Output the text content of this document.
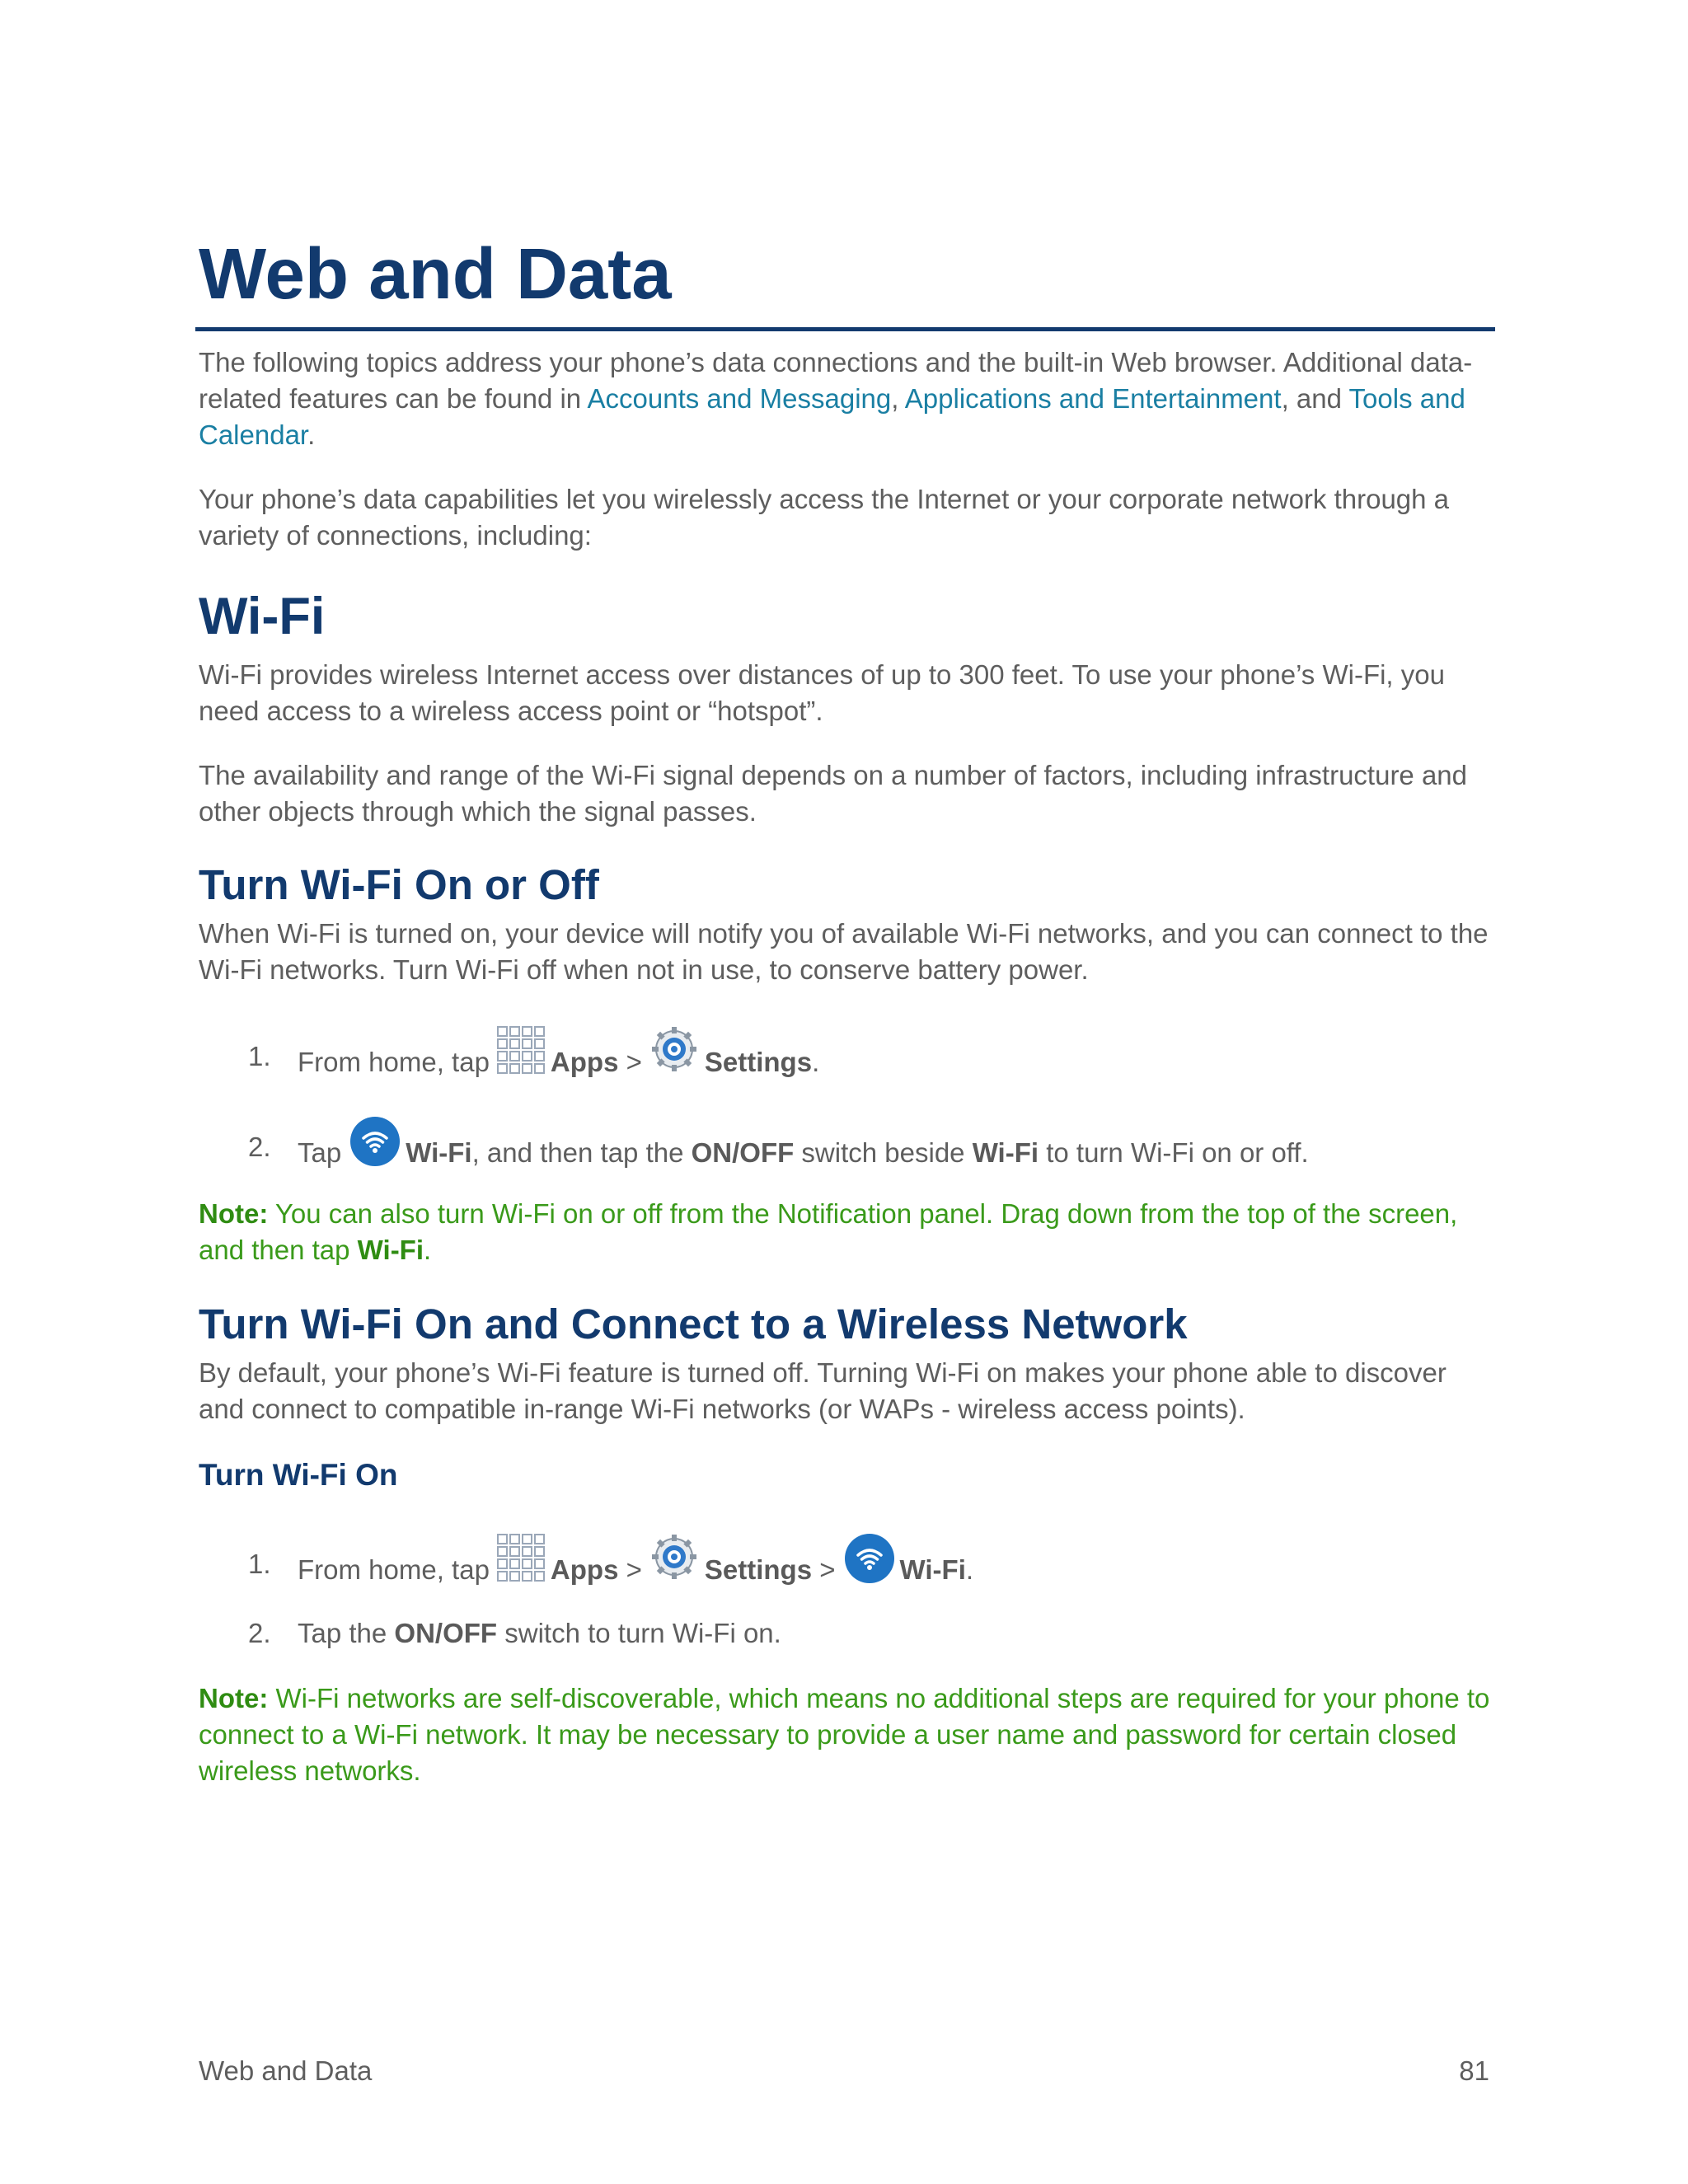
Web and Data

The following topics address your phone’s data connections and the built-in Web browser. Additional data-related features can be found in Accounts and Messaging, Applications and Entertainment, and Tools and Calendar.

Your phone’s data capabilities let you wirelessly access the Internet or your corporate network through a variety of connections, including:

Wi-Fi

Wi-Fi provides wireless Internet access over distances of up to 300 feet. To use your phone’s Wi-Fi, you need access to a wireless access point or “hotspot”.

The availability and range of the Wi-Fi signal depends on a number of factors, including infrastructure and other objects through which the signal passes.

Turn Wi-Fi On or Off

When Wi-Fi is turned on, your device will notify you of available Wi-Fi networks, and you can connect to the Wi-Fi networks. Turn Wi-Fi off when not in use, to conserve battery power.

1. From home, tap Apps > Settings.
2. Tap Wi-Fi, and then tap the ON/OFF switch beside Wi-Fi to turn Wi-Fi on or off.

Note: You can also turn Wi-Fi on or off from the Notification panel. Drag down from the top of the screen, and then tap Wi-Fi.

Turn Wi-Fi On and Connect to a Wireless Network

By default, your phone’s Wi-Fi feature is turned off. Turning Wi-Fi on makes your phone able to discover and connect to compatible in-range Wi-Fi networks (or WAPs - wireless access points).

Turn Wi-Fi On
1. From home, tap Apps > Settings > Wi-Fi.
2. Tap the ON/OFF switch to turn Wi-Fi on.

Note: Wi-Fi networks are self-discoverable, which means no additional steps are required for your phone to connect to a Wi-Fi network. It may be necessary to provide a user name and password for certain closed wireless networks.

Web and Data	81
